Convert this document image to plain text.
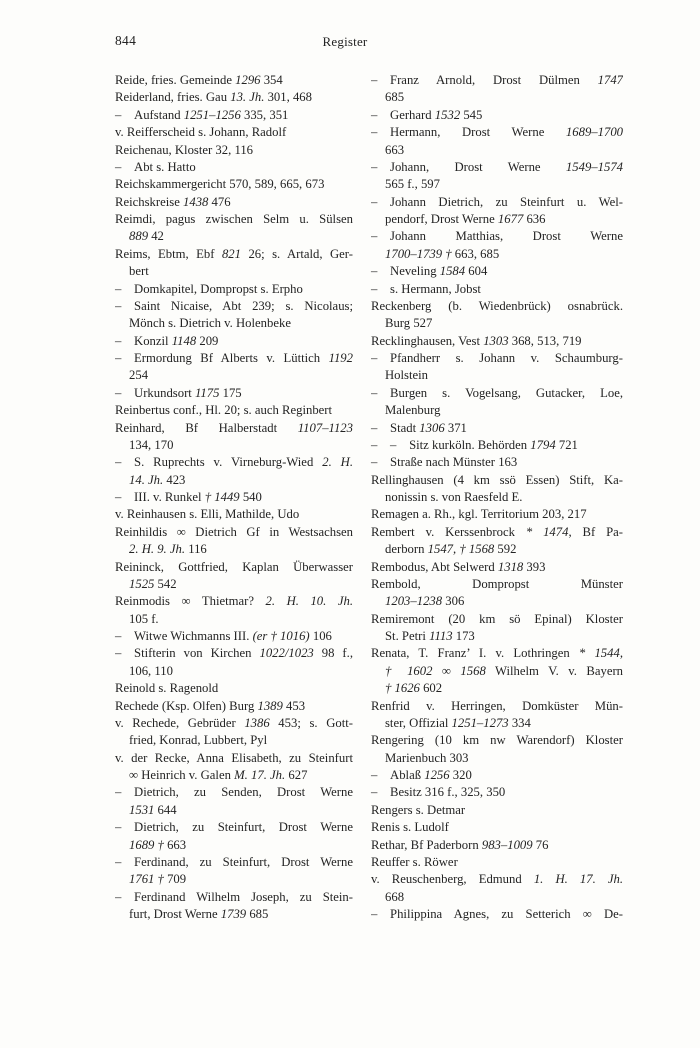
844	Register
Reide, fries. Gemeinde 1296 354
Reiderland, fries. Gau 13. Jh. 301, 468
– Aufstand 1251–1256 335, 351
v. Reifferscheid s. Johann, Radolf
Reichenau, Kloster 32, 116
– Abt s. Hatto
Reichskammergericht 570, 589, 665, 673
Reichskreise 1438 476
Reimdi, pagus zwischen Selm u. Sülsen
889 42
Reims, Ebtm, Ebf 821 26; s. Artald, Ger-
bert
– Domkapitel, Dompropst s. Erpho
– Saint Nicaise, Abt 239; s. Nicolaus;
Mönch s. Dietrich v. Holenbeke
– Konzil 1148 209
– Ermordung Bf Alberts v. Lüttich 1192
254
– Urkundsort 1175 175
Reinbertus conf., Hl. 20; s. auch Reginbert
Reinhard, Bf Halberstadt 1107–1123
134, 170
– S. Ruprechts v. Virneburg-Wied 2. H.
14. Jh. 423
– III. v. Runkel † 1449 540
v. Reinhausen s. Elli, Mathilde, Udo
Reinhildis ∞ Dietrich Gf in Westsachsen
2. H. 9. Jh. 116
Reininck, Gottfried, Kaplan Überwasser
1525 542
Reinmodis ∞ Thietmar? 2. H. 10. Jh.
105 f.
– Witwe Wichmanns III. (er † 1016) 106
– Stifterin von Kirchen 1022/1023 98 f.,
106, 110
Reinold s. Ragenold
Rechede (Ksp. Olfen) Burg 1389 453
v. Rechede, Gebrüder 1386 453; s. Gott-
fried, Konrad, Lubbert, Pyl
v. der Recke, Anna Elisabeth, zu Steinfurt
∞ Heinrich v. Galen M. 17. Jh. 627
– Dietrich, zu Senden, Drost Werne
1531 644
– Dietrich, zu Steinfurt, Drost Werne
1689 † 663
– Ferdinand, zu Steinfurt, Drost Werne
1761 † 709
– Ferdinand Wilhelm Joseph, zu Stein-
furt, Drost Werne 1739 685
– Franz Arnold, Drost Dülmen 1747
685
– Gerhard 1532 545
– Hermann, Drost Werne 1689–1700
663
– Johann, Drost Werne 1549–1574
565 f., 597
– Johann Dietrich, zu Steinfurt u. Wel-
pendorf, Drost Werne 1677 636
– Johann Matthias, Drost Werne
1700–1739 † 663, 685
– Neveling 1584 604
– s. Hermann, Jobst
Reckenberg (b. Wiedenbrück) osnabrück.
Burg 527
Recklinghausen, Vest 1303 368, 513, 719
– Pfandherr s. Johann v. Schaumburg-
Holstein
– Burgen s. Vogelsang, Gutacker, Loe,
Malenburg
– Stadt 1306 371
– – Sitz kurköln. Behörden 1794 721
– Straße nach Münster 163
Rellinghausen (4 km ssö Essen) Stift, Ka-
nonissin s. von Raesfeld E.
Remagen a. Rh., kgl. Territorium 203, 217
Rembert v. Kerssenbrock * 1474, Bf Pa-
derborn 1547, † 1568 592
Rembodus, Abt Selwerd 1318 393
Rembold, Dompropst Münster
1203–1238 306
Remiremont (20 km sö Epinal) Kloster
St. Petri 1113 173
Renata, T. Franz’ I. v. Lothringen * 1544,
† 1602 ∞ 1568 Wilhelm V. v. Bayern
† 1626 602
Renfrid v. Herringen, Domküster Mün-
ster, Offizial 1251–1273 334
Rengering (10 km nw Warendorf) Kloster
Marienbuch 303
– Ablaß 1256 320
– Besitz 316 f., 325, 350
Rengers s. Detmar
Renis s. Ludolf
Rethar, Bf Paderborn 983–1009 76
Reuffer s. Röwer
v. Reuschenberg, Edmund 1. H. 17. Jh.
668
– Philippina Agnes, zu Setterich ∞ De-
